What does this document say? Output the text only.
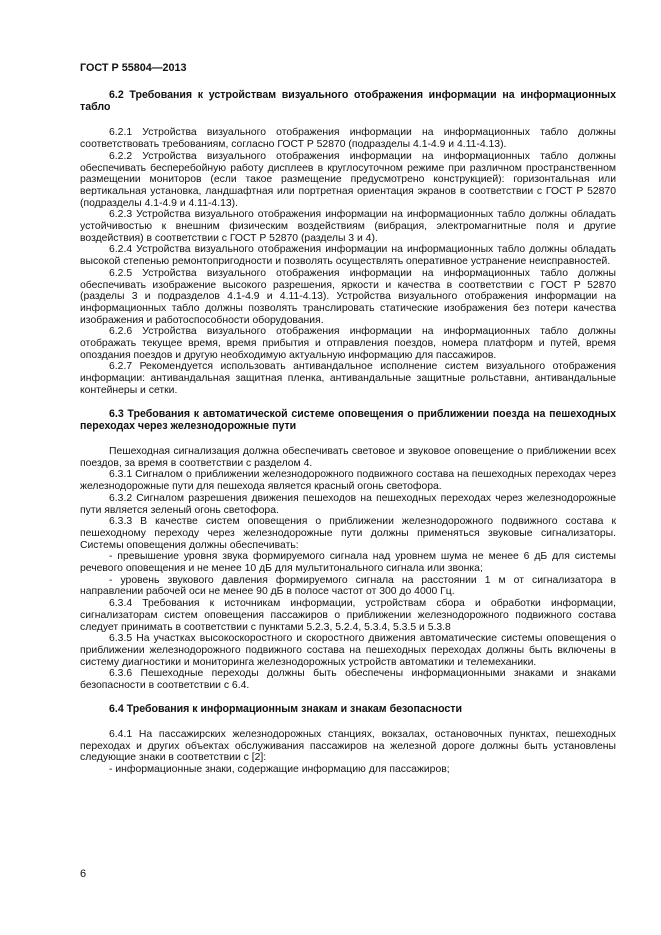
ГОСТ Р 55804—2013

6.2 Требования к устройствам визуального отображения информации на информационных табло

6.2.1 Устройства визуального отображения информации на информационных табло должны соответствовать требованиям, согласно ГОСТ Р 52870 (подразделы 4.1-4.9 и 4.11-4.13).

6.2.2 Устройства визуального отображения информации на информационных табло должны обеспечивать бесперебойную работу дисплеев в круглосуточном режиме при различном пространственном размещении мониторов (если такое размещение предусмотрено конструкцией): горизонтальная или вертикальная установка, ландшафтная или портретная ориентация экранов в соответствии с ГОСТ Р 52870 (подразделы 4.1-4.9 и 4.11-4.13).

6.2.3 Устройства визуального отображения информации на информационных табло должны обладать устойчивостью к внешним физическим воздействиям (вибрация, электромагнитные поля и другие воздействия) в соответствии с ГОСТ Р 52870 (разделы 3 и 4).

6.2.4 Устройства визуального отображения информации на информационных табло должны обладать высокой степенью ремонтопригодности и позволять осуществлять оперативное устранение неисправностей.

6.2.5 Устройства визуального отображения информации на информационных табло должны обеспечивать изображение высокого разрешения, яркости и качества в соответствии с ГОСТ Р 52870 (разделы 3 и подразделов 4.1-4.9 и 4.11-4.13). Устройства визуального отображения информации на информационных табло должны позволять транслировать статические изображения без потери качества изображения и работоспособности оборудования.

6.2.6 Устройства визуального отображения информации на информационных табло должны отображать текущее время, время прибытия и отправления поездов, номера платформ и путей, время опоздания поездов и другую необходимую актуальную информацию для пассажиров.

6.2.7 Рекомендуется использовать антивандальное исполнение систем визуального отображения информации: антивандальная защитная пленка, антивандальные защитные рольставни, антивандальные контейнеры и сетки.

6.3 Требования к автоматической системе оповещения о приближении поезда на пешеходных переходах через железнодорожные пути

Пешеходная сигнализация должна обеспечивать световое и звуковое оповещение о приближении всех поездов, за время в соответствии с разделом 4.

6.3.1 Сигналом о приближении железнодорожного подвижного состава на пешеходных переходах через железнодорожные пути для пешехода является красный огонь светофора.

6.3.2 Сигналом разрешения движения пешеходов на пешеходных переходах через железнодорожные пути является зеленый огонь светофора.

6.3.3 В качестве систем оповещения о приближении железнодорожного подвижного состава к пешеходному переходу через железнодорожные пути должны применяться звуковые сигнализаторы. Системы оповещения должны обеспечивать:

- превышение уровня звука формируемого сигнала над уровнем шума не менее 6 дБ для системы речевого оповещения и не менее 10 дБ для мультитонального сигнала или звонка;

- уровень звукового давления формируемого сигнала на расстоянии 1 м от сигнализатора в направлении рабочей оси не менее 90 дБ в полосе частот от 300 до 4000 Гц.

6.3.4 Требования к источникам информации, устройствам сбора и обработки информации, сигнализаторам систем оповещения пассажиров о приближении железнодорожного подвижного состава следует принимать в соответствии с пунктами 5.2.3, 5.2.4, 5.3.4, 5.3.5 и 5.3.8

6.3.5 На участках высокоскоростного и скоростного движения автоматические системы оповещения о приближении железнодорожного подвижного состава на пешеходных переходах должны быть включены в систему диагностики и мониторинга железнодорожных устройств автоматики и телемеханики.

6.3.6 Пешеходные переходы должны быть обеспечены информационными знаками и знаками безопасности в соответствии с 6.4.

6.4 Требования к информационным знакам и знакам безопасности

6.4.1 На пассажирских железнодорожных станциях, вокзалах, остановочных пунктах, пешеходных переходах и других объектах обслуживания пассажиров на железной дороге должны быть установлены следующие знаки в соответствии с [2]:

- информационные знаки, содержащие информацию для пассажиров;

6
